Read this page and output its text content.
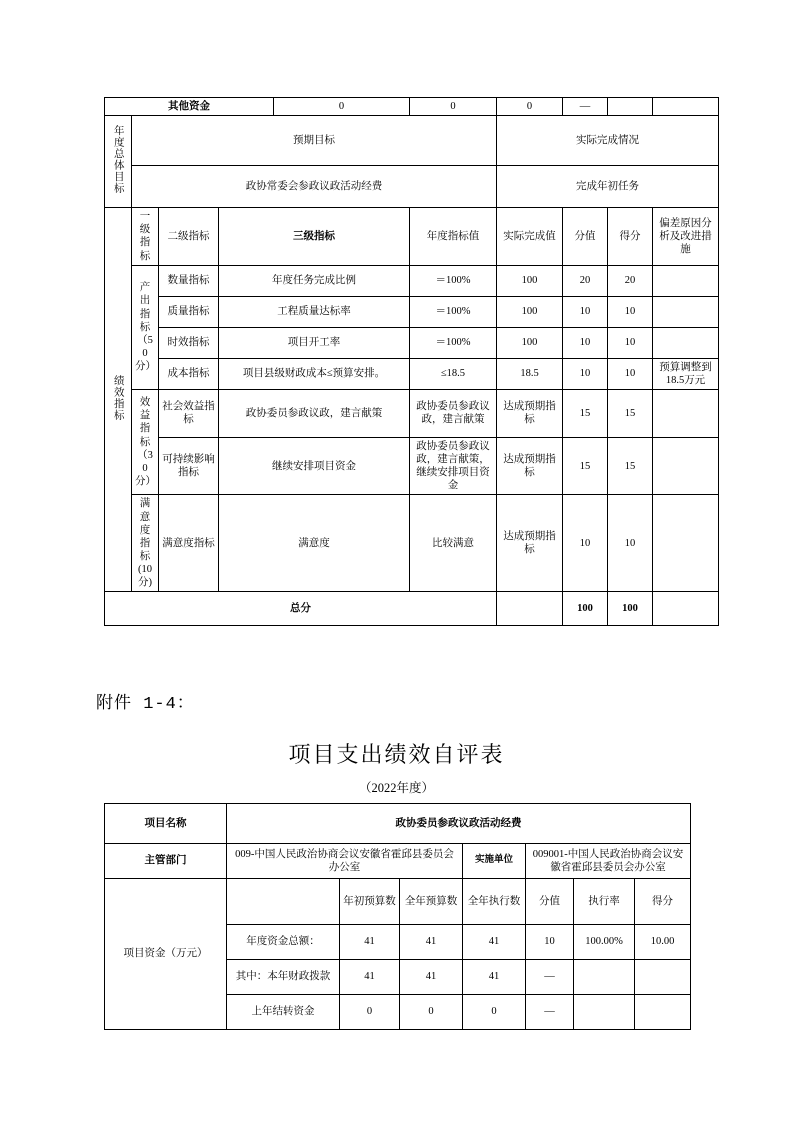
其他资金				0	0	0	—		
年度总体目标	预期目标					实际完成情况			
	政协常委会参政议政活动经费					完成年初任务			
绩效指标	一级指标	二级指标	三级指标		年度指标值	实际完成值	分值	得分	偏差原因分析及改进措施
	产出指标（50分）	数量指标	年度任务完成比例		＝100%	100	20	20	
		质量指标	工程质量达标率		＝100%	100	10	10	
		时效指标	项目开工率		＝100%	100	10	10	
		成本指标	项目县级财政成本≤预算安排。		≤18.5	18.5	10	10	预算调整到18.5万元
	效益指标（30分）	社会效益指标	政协委员参政议政，建言献策		政协委员参政议政，建言献策	达成预期指标	15	15	
		可持续影响指标	继续安排项目资金		政协委员参政议政，建言献策，继续安排项目资金	达成预期指标	15	15	
	满意度指标(10分)	满意度指标	满意度		比较满意	达成预期指标	10	10	
总分							100	100	
附件 1-4：
项目支出绩效自评表
（2022年度）
项目名称	政协委员参政议政活动经费						
主管部门	009-中国人民政治协商会议安徽省霍邱县委员会办公室			实施单位	009001-中国人民政治协商会议安徽省霍邱县委员会办公室		
项目资金（万元）		年初预算数	全年预算数	全年执行数	分值	执行率	得分
	年度资金总额：	41	41	41	10	100.00%	10.00
	其中：本年财政拨款	41	41	41	—		
	上年结转资金	0	0	0	—		
